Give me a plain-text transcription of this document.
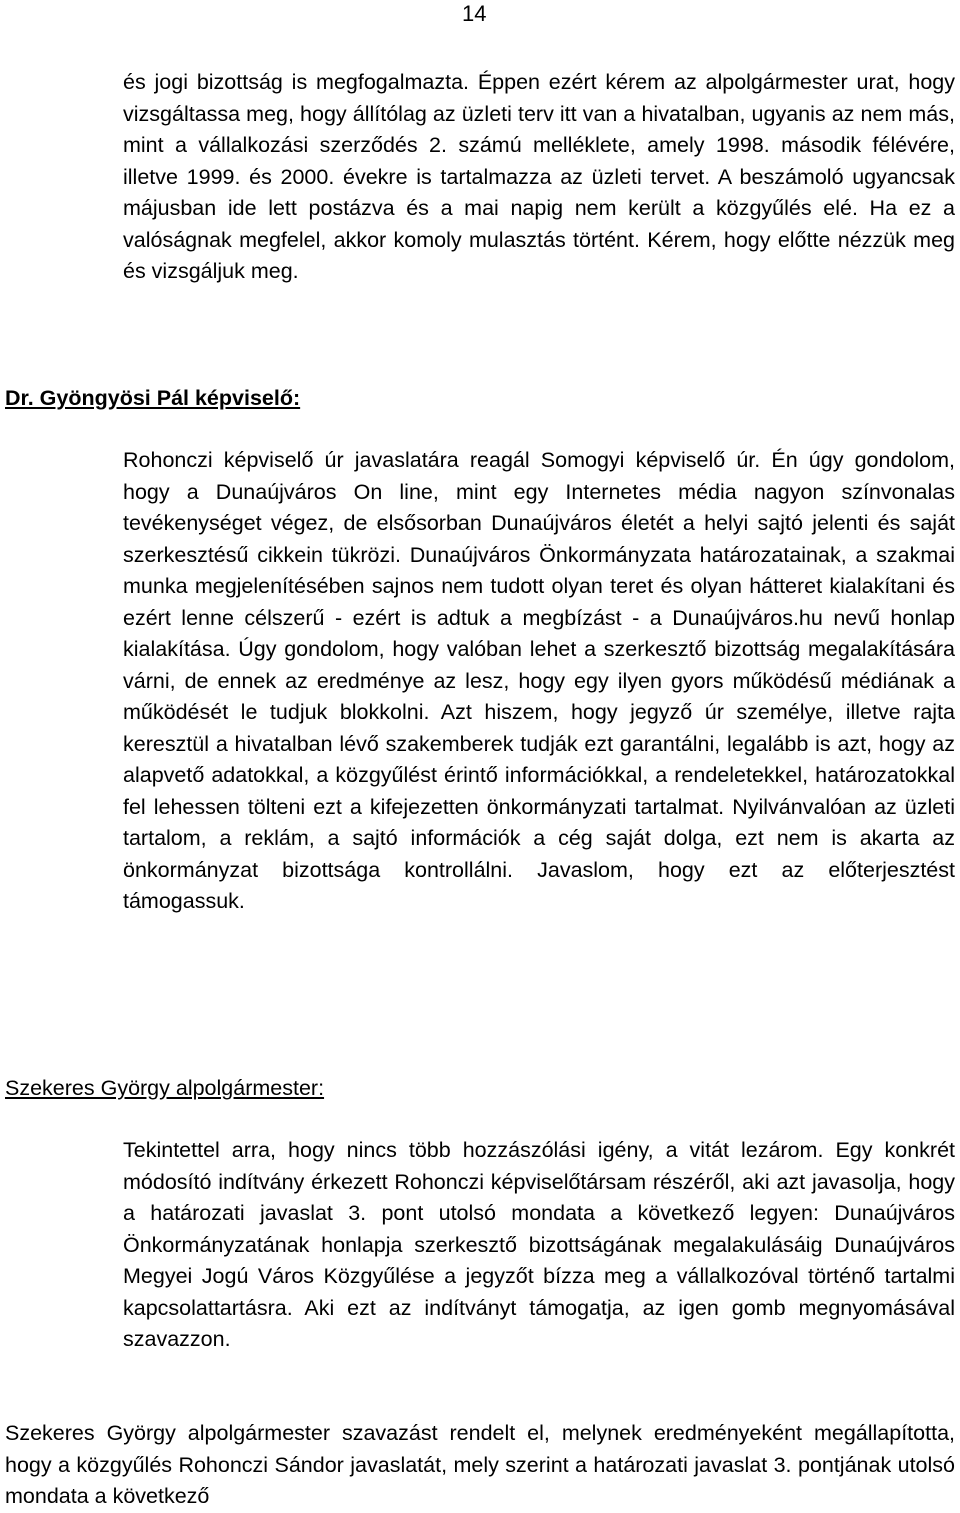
14

és jogi bizottság is megfogalmazta. Éppen ezért kérem az alpolgármester urat, hogy vizsgáltassa meg, hogy állítólag az üzleti terv itt van a hivatalban, ugyanis az nem más, mint a vállalkozási szerződés 2. számú melléklete, amely 1998. második félévére, illetve 1999. és 2000. évekre is tartalmazza az üzleti tervet. A beszámoló ugyancsak májusban ide lett postázva és a mai napig nem került a közgyűlés elé. Ha ez a valóságnak megfelel, akkor komoly mulasztás történt. Kérem, hogy előtte nézzük meg és vizsgáljuk meg.

Dr. Gyöngyösi Pál képviselő:

Rohonczi képviselő úr javaslatára reagál Somogyi képviselő úr. Én úgy gondolom, hogy a Dunaújváros On line, mint egy Internetes média nagyon színvonalas tevékenységet végez, de elsősorban Dunaújváros életét a helyi sajtó jelenti és saját szerkesztésű cikkein tükrözi. Dunaújváros Önkormányzata határozatainak, a szakmai munka megjelenítésében sajnos nem tudott olyan teret és olyan hátteret kialakítani és ezért lenne célszerű - ezért is adtuk a megbízást - a Dunaújváros.hu nevű honlap kialakítása. Úgy gondolom, hogy valóban lehet a szerkesztő bizottság megalakítására várni, de ennek az eredménye az lesz, hogy egy ilyen gyors működésű médiának a működését le tudjuk blokkolni. Azt hiszem, hogy jegyző úr személye, illetve rajta keresztül a hivatalban lévő szakemberek tudják ezt garantálni, legalább is azt, hogy az alapvető adatokkal, a közgyűlést érintő információkkal, a rendeletekkel, határozatokkal fel lehessen tölteni ezt a kifejezetten önkormányzati tartalmat. Nyilvánvalóan az üzleti tartalom, a reklám, a sajtó információk a cég saját dolga, ezt nem is akarta az önkormányzat bizottsága kontrollálni. Javaslom, hogy ezt az előterjesztést támogassuk.

Szekeres György alpolgármester:

Tekintettel arra, hogy nincs több hozzászólási igény, a vitát lezárom. Egy konkrét módosító indítvány érkezett Rohonczi képviselőtársam részéről, aki azt javasolja, hogy a határozati javaslat 3. pont utolsó mondata a következő legyen: Dunaújváros Önkormányzatának honlapja szerkesztő bizottságának megalakulásáig Dunaújváros Megyei Jogú Város Közgyűlése a jegyzőt bízza meg a vállalkozóval történő tartalmi kapcsolattartásra. Aki ezt az indítványt támogatja, az igen gomb megnyomásával szavazzon.

Szekeres György alpolgármester szavazást rendelt el, melynek eredményeként megállapította, hogy a közgyűlés Rohonczi Sándor javaslatát, mely szerint a határozati javaslat 3. pontjának utolsó mondata a következő
